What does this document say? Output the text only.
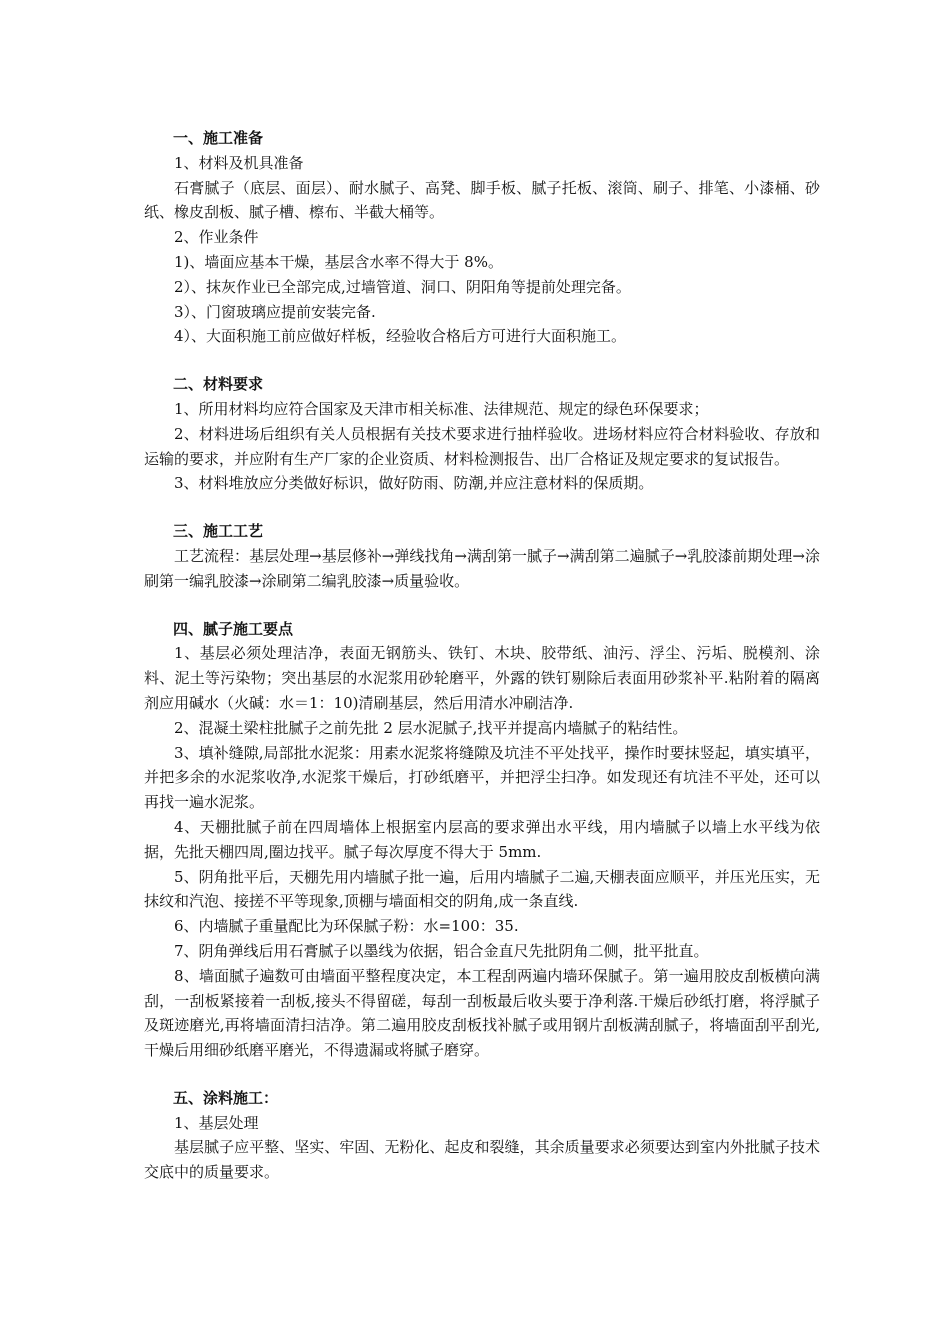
一、施工准备

1、材料及机具准备

石膏腻子（底层、面层）、耐水腻子、高凳、脚手板、腻子托板、滚筒、刷子、排笔、小漆桶、砂纸、橡皮刮板、腻子槽、檫布、半截大桶等。

2、作业条件

1)、墙面应基本干燥，基层含水率不得大于 8%。

2）、抹灰作业已全部完成,过墙管道、洞口、阴阳角等提前处理完备。

3）、门窗玻璃应提前安装完备.

4）、大面积施工前应做好样板，经验收合格后方可进行大面积施工。

二、材料要求

1、所用材料均应符合国家及天津市相关标准、法律规范、规定的绿色环保要求；

2、材料进场后组织有关人员根据有关技术要求进行抽样验收。进场材料应符合材料验收、存放和运输的要求，并应附有生产厂家的企业资质、材料检测报告、出厂合格证及规定要求的复试报告。

3、材料堆放应分类做好标识，做好防雨、防潮,并应注意材料的保质期。

三、施工工艺

工艺流程：基层处理→基层修补→弹线找角→满刮第一腻子→满刮第二遍腻子→乳胶漆前期处理→涂刷第一编乳胶漆→涂刷第二编乳胶漆→质量验收。

四、腻子施工要点

1、基层必须处理洁净，表面无钢筋头、铁钉、木块、胶带纸、油污、浮尘、污垢、脱模剂、涂料、泥土等污染物；突出基层的水泥浆用砂轮磨平，外露的铁钉剔除后表面用砂浆补平.粘附着的隔离剂应用碱水（火碱：水＝1：10)清刷基层，然后用清水冲刷洁净.

2、混凝土梁柱批腻子之前先批 2 层水泥腻子,找平并提高内墙腻子的粘结性。

3、填补缝隙,局部批水泥浆：用素水泥浆将缝隙及坑洼不平处找平，操作时要抹竖起，填实填平，并把多余的水泥浆收净,水泥浆干燥后，打砂纸磨平，并把浮尘扫净。如发现还有坑洼不平处，还可以再找一遍水泥浆。

4、天棚批腻子前在四周墙体上根据室内层高的要求弹出水平线，用内墙腻子以墙上水平线为依据，先批天棚四周,圈边找平。腻子每次厚度不得大于 5mm.

5、阴角批平后，天棚先用内墙腻子批一遍，后用内墙腻子二遍,天棚表面应顺平，并压光压实，无抹纹和汽泡、接搓不平等现象,顶棚与墙面相交的阴角,成一条直线.

6、内墙腻子重量配比为环保腻子粉：水=100：35.

7、阴角弹线后用石膏腻子以墨线为依据，铝合金直尺先批阴角二侧，批平批直。

8、墙面腻子遍数可由墙面平整程度决定，本工程刮两遍内墙环保腻子。第一遍用胶皮刮板横向满刮，一刮板紧接着一刮板,接头不得留磋，每刮一刮板最后收头要于净利落.干燥后砂纸打磨，将浮腻子及斑迹磨光,再将墙面清扫洁净。第二遍用胶皮刮板找补腻子或用钢片刮板满刮腻子，将墙面刮平刮光,干燥后用细砂纸磨平磨光，不得遗漏或将腻子磨穿。

五、涂料施工：

1、基层处理

基层腻子应平整、坚实、牢固、无粉化、起皮和裂缝，其余质量要求必须要达到室内外批腻子技术交底中的质量要求。
